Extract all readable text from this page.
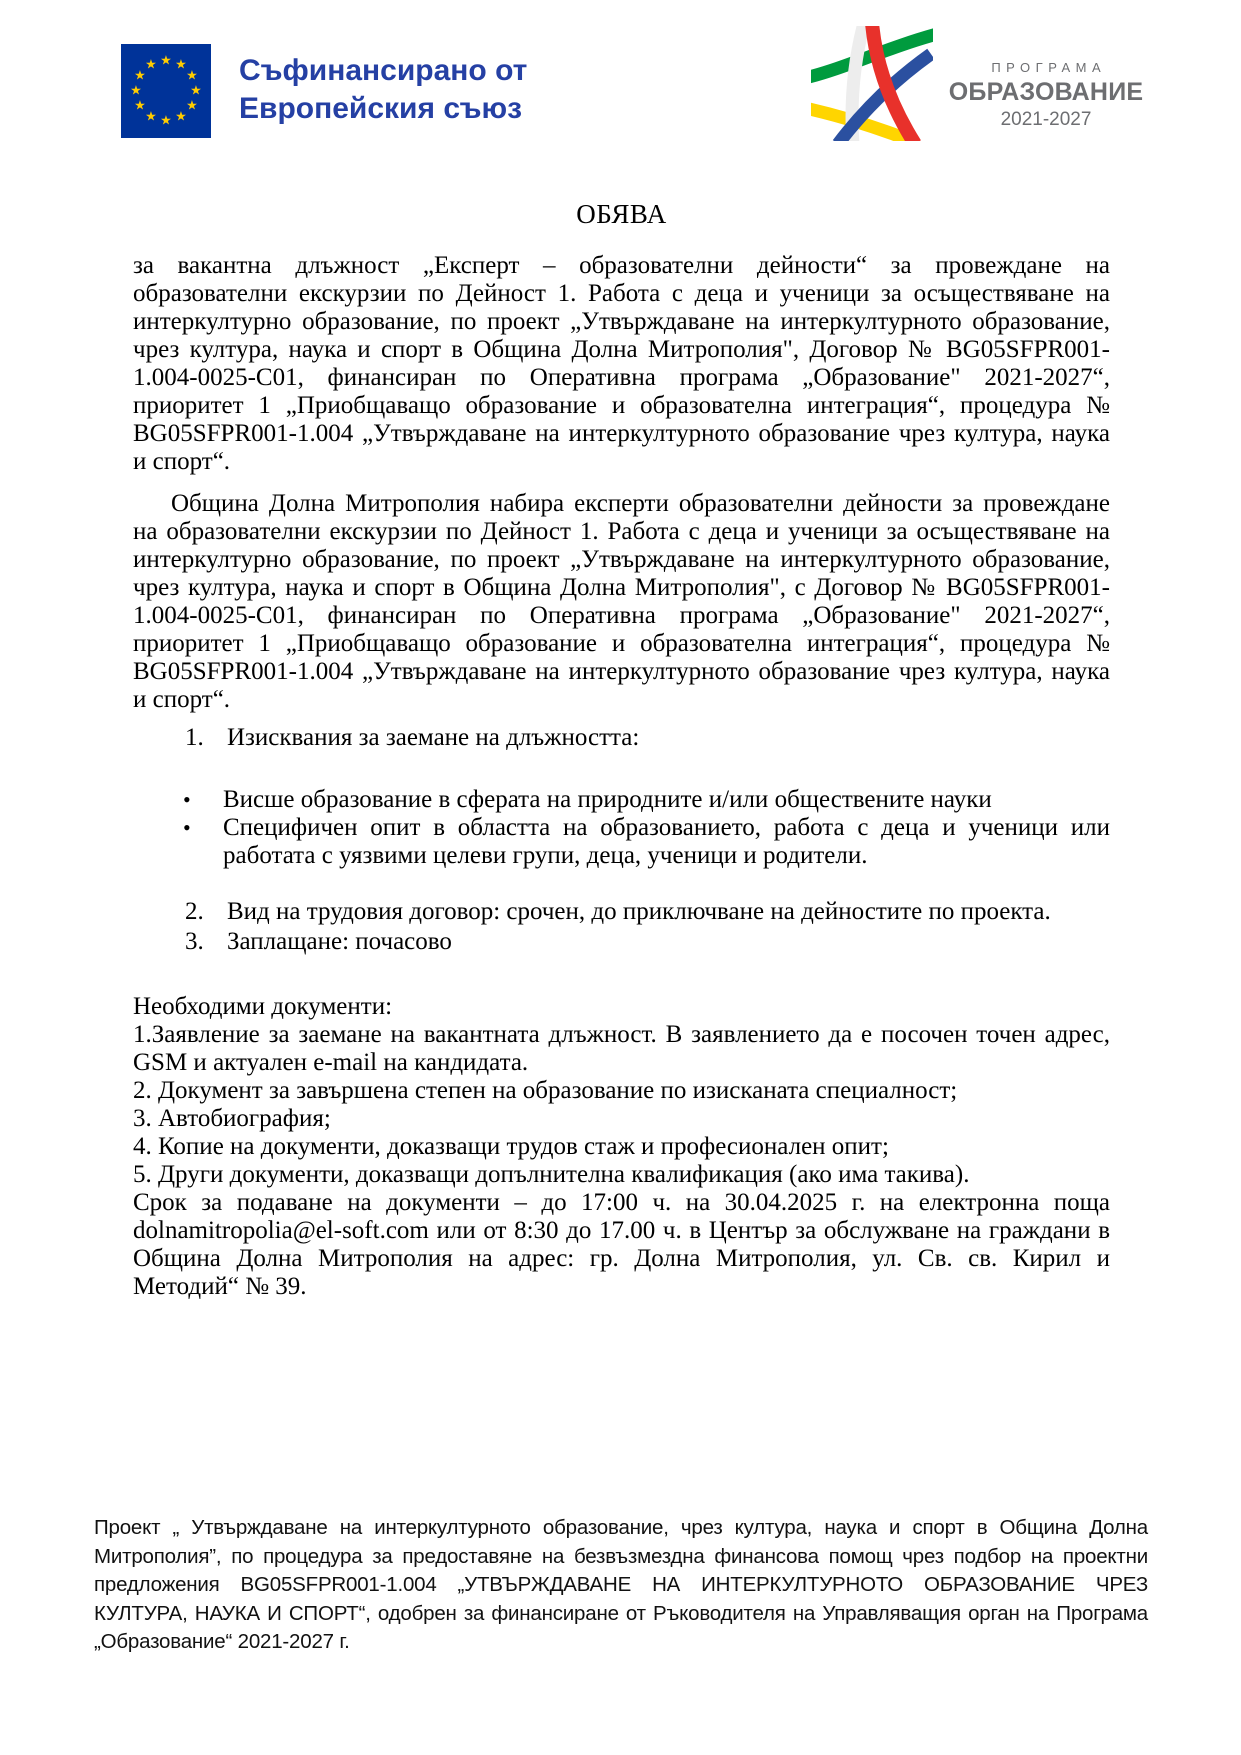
★ ★
★
★
★
★
★
★
★
★
★
★	Съфинансирано от
Европейския съюз
ПРОГРАМА
ОБРАЗОВАНИЕ
2021-2027
ОБЯВА
за вакантна длъжност „Експерт – образователни дейности“ за провеждане на образователни екскурзии по Дейност 1. Работа с деца и ученици за осъществяване на интеркултурно образование, по проект „Утвърждаване на интеркултурното образование, чрез култура, наука и спорт в Община Долна Митрополия", Договор № BG05SFPR001-1.004-0025-C01, финансиран по Оперативна програма „Образование" 2021-2027“, приоритет 1 „Приобщаващо образование и образователна интеграция“, процедура № BG05SFPR001-1.004 „Утвърждаване на интеркултурното образование чрез култура, наука и спорт“.
Община Долна Митрополия набира експерти образователни дейности за провеждане на образователни екскурзии по Дейност 1. Работа с деца и ученици за осъществяване на интеркултурно образование, по проект „Утвърждаване на интеркултурното образование, чрез култура, наука и спорт в Община Долна Митрополия", с Договор № BG05SFPR001-1.004-0025-C01, финансиран по Оперативна програма „Образование" 2021-2027“, приоритет 1 „Приобщаващо образование и образователна интеграция“, процедура № BG05SFPR001-1.004 „Утвърждаване на интеркултурното образование чрез култура, наука и спорт“.
1. Изисквания за заемане на длъжността:
•	Висше образование в сферата на природните и/или обществените науки
•	Специфичен опит в областта на образованието, работа с деца и ученици или работата с уязвими целеви групи, деца, ученици и родители.
2. Вид на трудовия договор: срочен, до приключване на дейностите по проекта.
3. Заплащане: почасово
Необходими документи:
1.Заявление за заемане на вакантната длъжност. В заявлението да е посочен точен адрес, GSM и актуален e-mail на кандидата.
2. Документ за завършена степен на образование по изисканата специалност;
3. Автобиография;
4. Копие на документи, доказващи трудов стаж и професионален опит;
5. Други документи, доказващи допълнителна квалификация (ако има такива).
Срок за подаване на документи – до 17:00 ч. на 30.04.2025 г. на електронна поща dolnamitropolia@el-soft.com или от 8:30 до 17.00 ч. в Център за обслужване на граждани в Община Долна Митрополия на адрес: гр. Долна Митрополия, ул. Св. св. Кирил и Методий“ № 39.
Проект „ Утвърждаване на интеркултурното образование, чрез култура, наука и спорт в Община Долна Митрополия”, по процедура за предоставяне на безвъзмездна финансова помощ чрез подбор на проектни предложения BG05SFPR001-1.004 „УТВЪРЖДАВАНЕ НА ИНТЕРКУЛТУРНОТО ОБРАЗОВАНИЕ ЧРЕЗ КУЛТУРА, НАУКА И СПОРТ“, одобрен за финансиране от Ръководителя на Управляващия орган на Програма „Образование“ 2021-2027 г.
